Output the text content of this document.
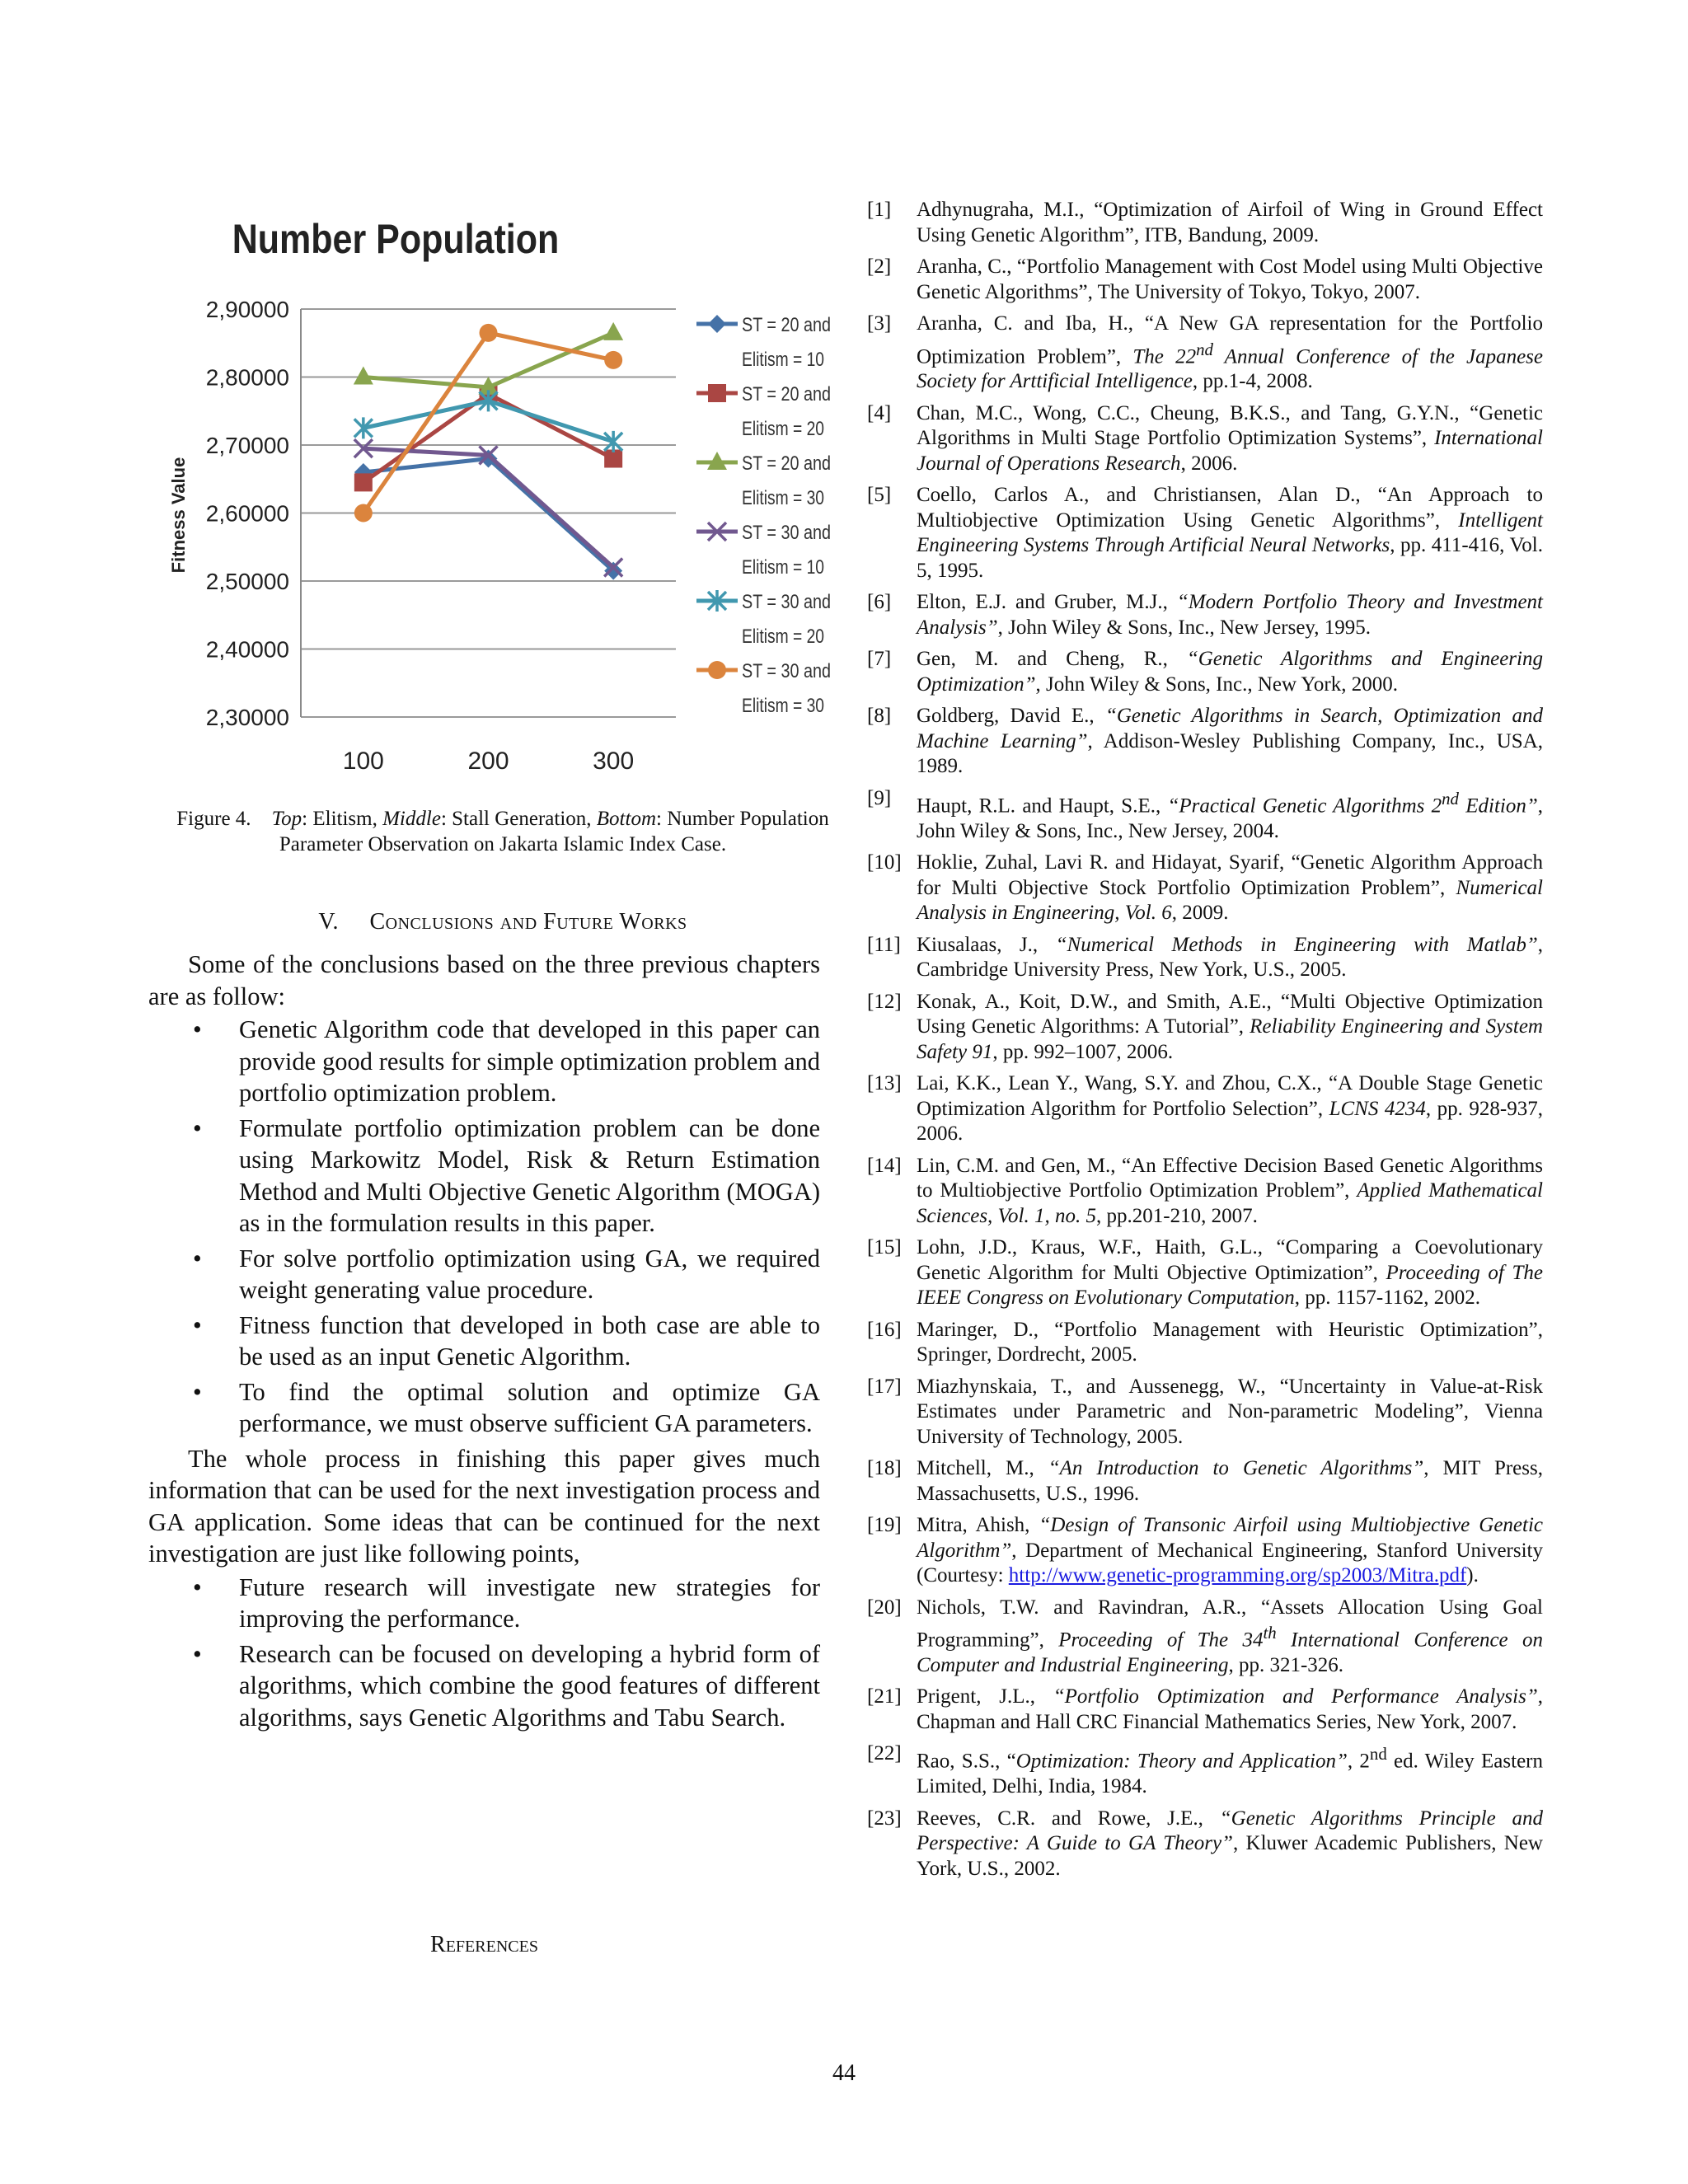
Number Population
Fitness Value
2,90000
2,80000
2,70000
2,60000
2,50000
2,40000
2,30000
100	200	300
ST = 20 and
Elitism = 10
ST = 20 and
Elitism = 20
ST = 20 and
Elitism = 30
ST = 30 and
Elitism = 10
ST = 30 and
Elitism = 20
ST = 30 and
Elitism = 30
Figure 4. Top: Elitism, Middle: Stall Generation, Bottom: Number Population Parameter Observation on Jakarta Islamic Index Case.
V. Conclusions and Future Works

Some of the conclusions based on the three previous chapters are as follow:

• Genetic Algorithm code that developed in this paper can provide good results for simple optimization problem and portfolio optimization problem.
• Formulate portfolio optimization problem can be done using Markowitz Model, Risk & Return Estimation Method and Multi Objective Genetic Algorithm (MOGA) as in the formulation results in this paper.
• For solve portfolio optimization using GA, we required weight generating value procedure.
• Fitness function that developed in both case are able to be used as an input Genetic Algorithm.
• To find the optimal solution and optimize GA performance, we must observe sufficient GA parameters.

The whole process in finishing this paper gives much information that can be used for the next investigation process and GA application. Some ideas that can be continued for the next investigation are just like following points,

• Future research will investigate new strategies for improving the performance.
• Research can be focused on developing a hybrid form of algorithms, which combine the good features of different algorithms, says Genetic Algorithms and Tabu Search.
References
[1]	Adhynugraha, M.I., “Optimization of Airfoil of Wing in Ground Effect Using Genetic Algorithm”, ITB, Bandung, 2009.
[2]	Aranha, C., “Portfolio Management with Cost Model using Multi Objective Genetic Algorithms”, The University of Tokyo, Tokyo, 2007.
[3]	Aranha, C. and Iba, H., “A New GA representation for the Portfolio Optimization Problem”, The 22nd Annual Conference of the Japanese Society for Arttificial Intelligence, pp.1-4, 2008.
[4]	Chan, M.C., Wong, C.C., Cheung, B.K.S., and Tang, G.Y.N., “Genetic Algorithms in Multi Stage Portfolio Optimization Systems”, International Journal of Operations Research, 2006.
[5]	Coello, Carlos A., and Christiansen, Alan D., “An Approach to Multiobjective Optimization Using Genetic Algorithms”, Intelligent Engineering Systems Through Artificial Neural Networks, pp. 411-416, Vol. 5, 1995.
[6]	Elton, E.J. and Gruber, M.J., “Modern Portfolio Theory and Investment Analysis”, John Wiley & Sons, Inc., New Jersey, 1995.
[7]	Gen, M. and Cheng, R., “Genetic Algorithms and Engineering Optimization”, John Wiley & Sons, Inc., New York, 2000.
[8]	Goldberg, David E., “Genetic Algorithms in Search, Optimization and Machine Learning”, Addison-Wesley Publishing Company, Inc., USA, 1989.
[9]	Haupt, R.L. and Haupt, S.E., “Practical Genetic Algorithms 2nd Edition”, John Wiley & Sons, Inc., New Jersey, 2004.
[10] Hoklie, Zuhal, Lavi R. and Hidayat, Syarif, “Genetic Algorithm Approach for Multi Objective Stock Portfolio Optimization Problem”, Numerical Analysis in Engineering, Vol. 6, 2009.
[11] Kiusalaas, J., “Numerical Methods in Engineering with Matlab”, Cambridge University Press, New York, U.S., 2005.
[12] Konak, A., Koit, D.W., and Smith, A.E., “Multi Objective Optimization Using Genetic Algorithms: A Tutorial”, Reliability Engineering and System Safety 91, pp. 992–1007, 2006.
[13] Lai, K.K., Lean Y., Wang, S.Y. and Zhou, C.X., “A Double Stage Genetic Optimization Algorithm for Portfolio Selection”, LCNS 4234, pp. 928-937, 2006.
[14] Lin, C.M. and Gen, M., “An Effective Decision Based Genetic Algorithms to Multiobjective Portfolio Optimization Problem”, Applied Mathematical Sciences, Vol. 1, no. 5, pp.201-210, 2007.
[15] Lohn, J.D., Kraus, W.F., Haith, G.L., “Comparing a Coevolutionary Genetic Algorithm for Multi Objective Optimization”, Proceeding of The IEEE Congress on Evolutionary Computation, pp. 1157-1162, 2002.
[16] Maringer, D., “Portfolio Management with Heuristic Optimization”, Springer, Dordrecht, 2005.
[17] Miazhynskaia, T., and Aussenegg, W., “Uncertainty in Value-at-Risk Estimates under Parametric and Non-parametric Modeling”, Vienna University of Technology, 2005.
[18] Mitchell, M., “An Introduction to Genetic Algorithms”, MIT Press, Massachusetts, U.S., 1996.
[19] Mitra, Ahish, “Design of Transonic Airfoil using Multiobjective Genetic Algorithm”, Department of Mechanical Engineering, Stanford University (Courtesy: http://www.genetic-programming.org/sp2003/Mitra.pdf).
[20] Nichols, T.W. and Ravindran, A.R., “Assets Allocation Using Goal Programming”, Proceeding of The 34th International Conference on Computer and Industrial Engineering, pp. 321-326.
[21] Prigent, J.L., “Portfolio Optimization and Performance Analysis”, Chapman and Hall CRC Financial Mathematics Series, New York, 2007.
[22] Rao, S.S., “Optimization: Theory and Application”, 2nd ed. Wiley Eastern Limited, Delhi, India, 1984.
[23] Reeves, C.R. and Rowe, J.E., “Genetic Algorithms Principle and Perspective: A Guide to GA Theory”, Kluwer Academic Publishers, New York, U.S., 2002.
44
